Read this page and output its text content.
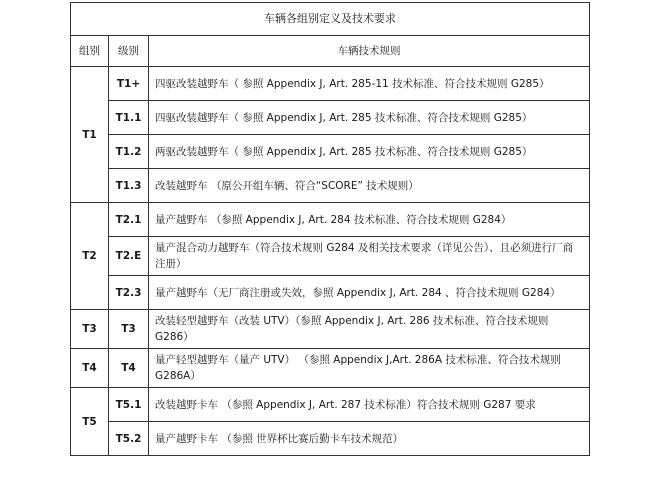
车辆各组别定义及技术要求		
组别	级别	车辆技术规则
T1	T1+	四驱改装越野车（ 参照 Appendix J, Art. 285-11 技术标准、符合技术规则 G285）
	T1.1	四驱改装越野车（ 参照 Appendix J, Art. 285 技术标准、符合技术规则 G285）
	T1.2	两驱改装越野车（ 参照 Appendix J, Art. 285 技术标准、符合技术规则 G285）
	T1.3	改装越野车 （原公开组车辆、符合“SCORE” 技术规则）
T2	T2.1	量产越野车 （参照 Appendix J, Art. 284 技术标准、符合技术规则 G284）
	T2.E	量产混合动力越野车（符合技术规则 G284 及相关技术要求（详见公告）、且必须进行厂商注册）
	T2.3	量产越野车（无厂商注册或失效，参照 Appendix J, Art. 284 、符合技术规则 G284）
T3	T3	改装轻型越野车（改装 UTV）（参照 Appendix J, Art. 286 技术标准、符合技术规则 G286）
T4	T4	量产轻型越野车（量产 UTV） （参照 Appendix J,Art. 286A 技术标准、符合技术规则 G286A）
T5	T5.1	改装越野卡车 （参照 Appendix J, Art. 287 技术标准）符合技术规则 G287 要求
	T5.2	量产越野卡车 （参照 世界杯比赛后勤卡车技术规范）
